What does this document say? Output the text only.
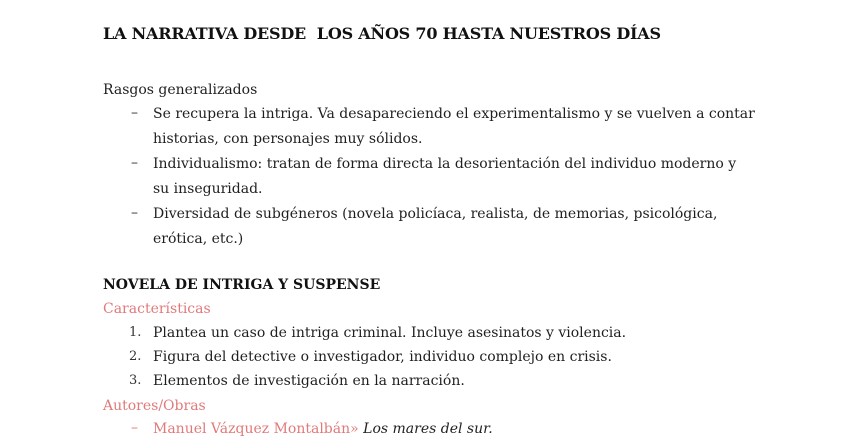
LA NARRATIVA DESDE  LOS AÑOS 70 HASTA NUESTROS DÍAS
Rasgos generalizados
– Se recupera la intriga. Va desapareciendo el experimentalismo y se vuelven a contar
historias, con personajes muy sólidos.
– Individualismo: tratan de forma directa la desorientación del individuo moderno y
su inseguridad.
– Diversidad de subgéneros (novela policíaca, realista, de memorias, psicológica,
erótica, etc.)
NOVELA DE INTRIGA Y SUSPENSE
Características
1. Plantea un caso de intriga criminal. Incluye asesinatos y violencia.
2. Figura del detective o investigador, individuo complejo en crisis.
3. Elementos de investigación en la narración.
Autores/Obras
– Manuel Vázquez Montalbán» Los mares del sur.
